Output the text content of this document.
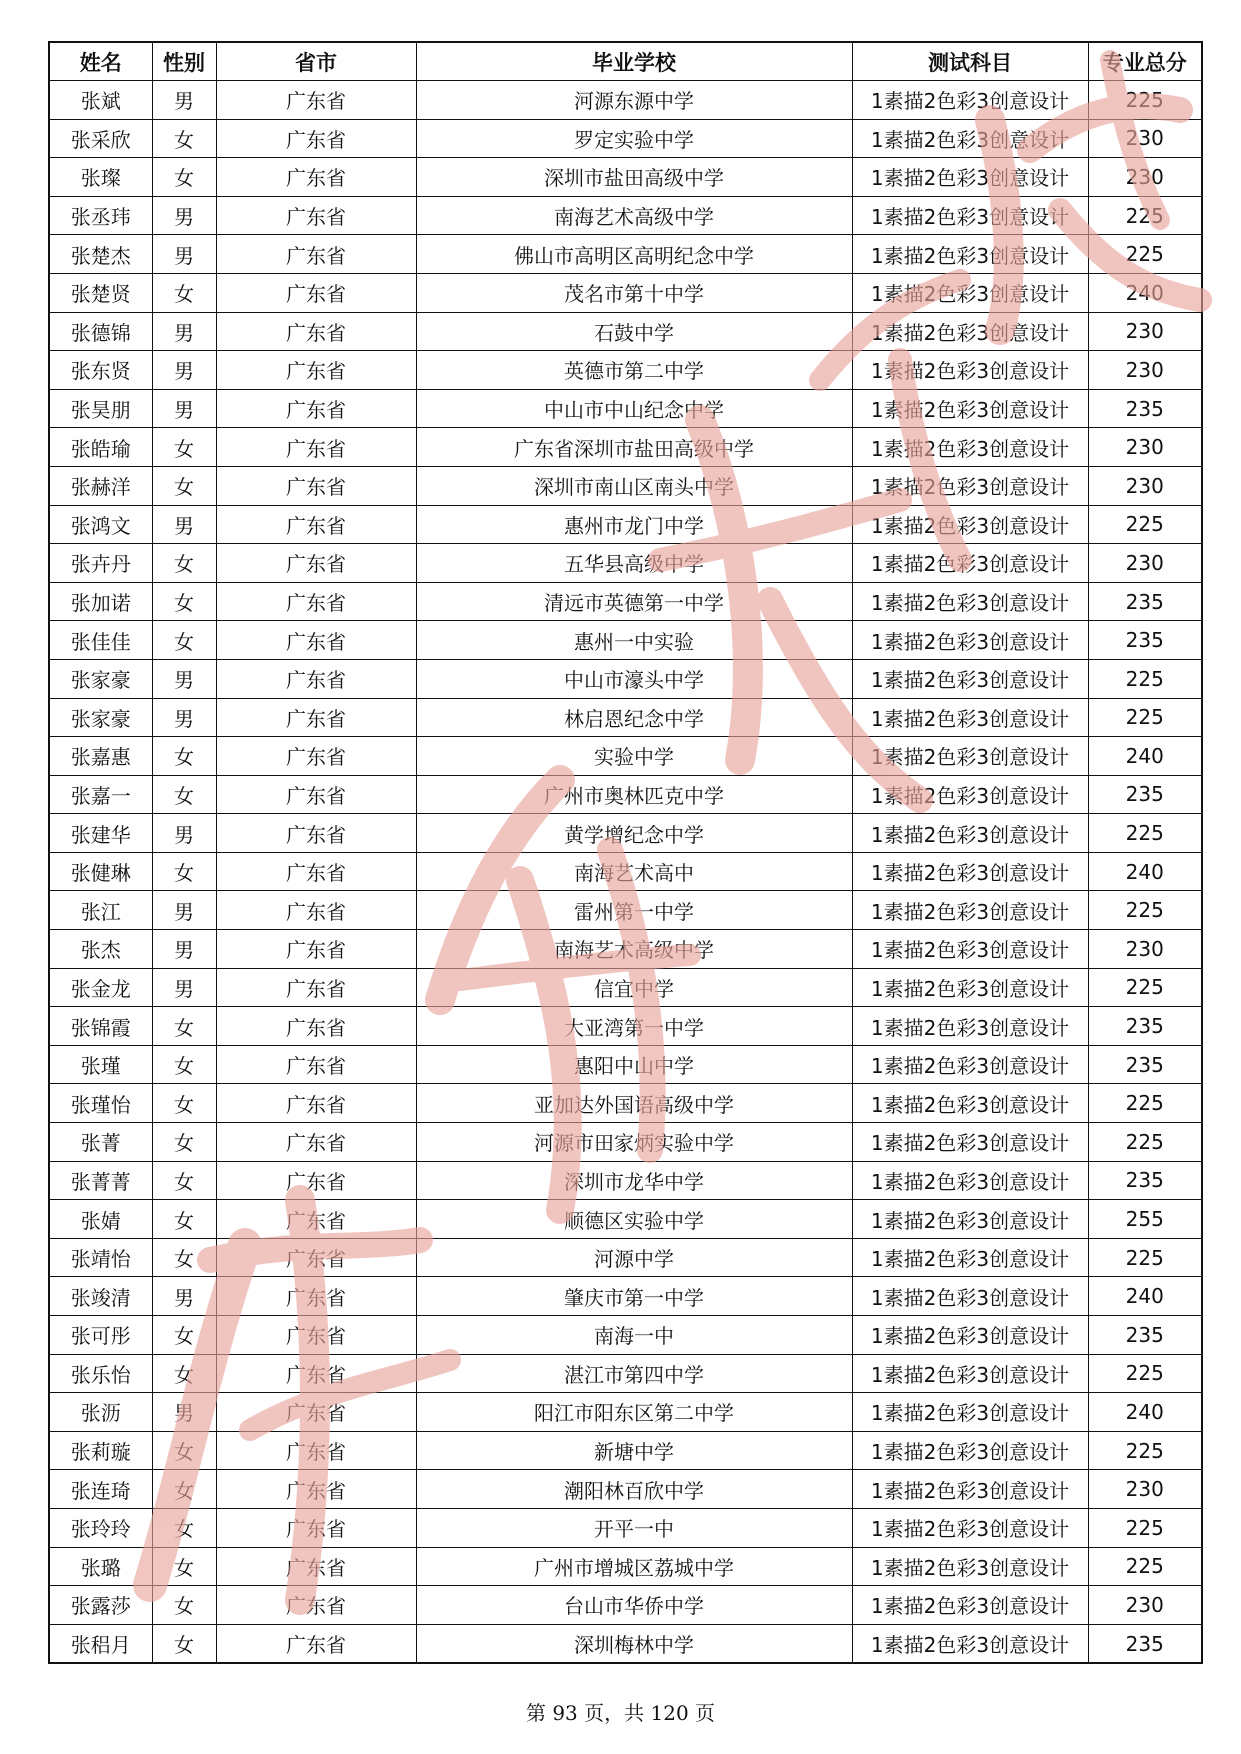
姓名	性别	省市	毕业学校	测试科目	专业总分
张斌	男	广东省	河源东源中学	1素描2色彩3创意设计	225
张采欣	女	广东省	罗定实验中学	1素描2色彩3创意设计	230
张璨	女	广东省	深圳市盐田高级中学	1素描2色彩3创意设计	230
张丞玮	男	广东省	南海艺术高级中学	1素描2色彩3创意设计	225
张楚杰	男	广东省	佛山市高明区高明纪念中学	1素描2色彩3创意设计	225
张楚贤	女	广东省	茂名市第十中学	1素描2色彩3创意设计	240
张德锦	男	广东省	石鼓中学	1素描2色彩3创意设计	230
张东贤	男	广东省	英德市第二中学	1素描2色彩3创意设计	230
张昊朋	男	广东省	中山市中山纪念中学	1素描2色彩3创意设计	235
张皓瑜	女	广东省	广东省深圳市盐田高级中学	1素描2色彩3创意设计	230
张赫洋	女	广东省	深圳市南山区南头中学	1素描2色彩3创意设计	230
张鸿文	男	广东省	惠州市龙门中学	1素描2色彩3创意设计	225
张卉丹	女	广东省	五华县高级中学	1素描2色彩3创意设计	230
张加诺	女	广东省	清远市英德第一中学	1素描2色彩3创意设计	235
张佳佳	女	广东省	惠州一中实验	1素描2色彩3创意设计	235
张家豪	男	广东省	中山市濠头中学	1素描2色彩3创意设计	225
张家豪	男	广东省	林启恩纪念中学	1素描2色彩3创意设计	225
张嘉惠	女	广东省	实验中学	1素描2色彩3创意设计	240
张嘉一	女	广东省	广州市奥林匹克中学	1素描2色彩3创意设计	235
张建华	男	广东省	黄学增纪念中学	1素描2色彩3创意设计	225
张健琳	女	广东省	南海艺术高中	1素描2色彩3创意设计	240
张江	男	广东省	雷州第一中学	1素描2色彩3创意设计	225
张杰	男	广东省	南海艺术高级中学	1素描2色彩3创意设计	230
张金龙	男	广东省	信宜中学	1素描2色彩3创意设计	225
张锦霞	女	广东省	大亚湾第一中学	1素描2色彩3创意设计	235
张瑾	女	广东省	惠阳中山中学	1素描2色彩3创意设计	235
张瑾怡	女	广东省	亚加达外国语高级中学	1素描2色彩3创意设计	225
张菁	女	广东省	河源市田家炳实验中学	1素描2色彩3创意设计	225
张菁菁	女	广东省	深圳市龙华中学	1素描2色彩3创意设计	235
张婧	女	广东省	顺德区实验中学	1素描2色彩3创意设计	255
张靖怡	女	广东省	河源中学	1素描2色彩3创意设计	225
张竣清	男	广东省	肇庆市第一中学	1素描2色彩3创意设计	240
张可彤	女	广东省	南海一中	1素描2色彩3创意设计	235
张乐怡	女	广东省	湛江市第四中学	1素描2色彩3创意设计	225
张沥	男	广东省	阳江市阳东区第二中学	1素描2色彩3创意设计	240
张莉璇	女	广东省	新塘中学	1素描2色彩3创意设计	225
张连琦	女	广东省	潮阳林百欣中学	1素描2色彩3创意设计	230
张玲玲	女	广东省	开平一中	1素描2色彩3创意设计	225
张璐	女	广东省	广州市增城区荔城中学	1素描2色彩3创意设计	225
张露莎	女	广东省	台山市华侨中学	1素描2色彩3创意设计	230
张稆月	女	广东省	深圳梅林中学	1素描2色彩3创意设计	235
第 93 页，共 120 页
